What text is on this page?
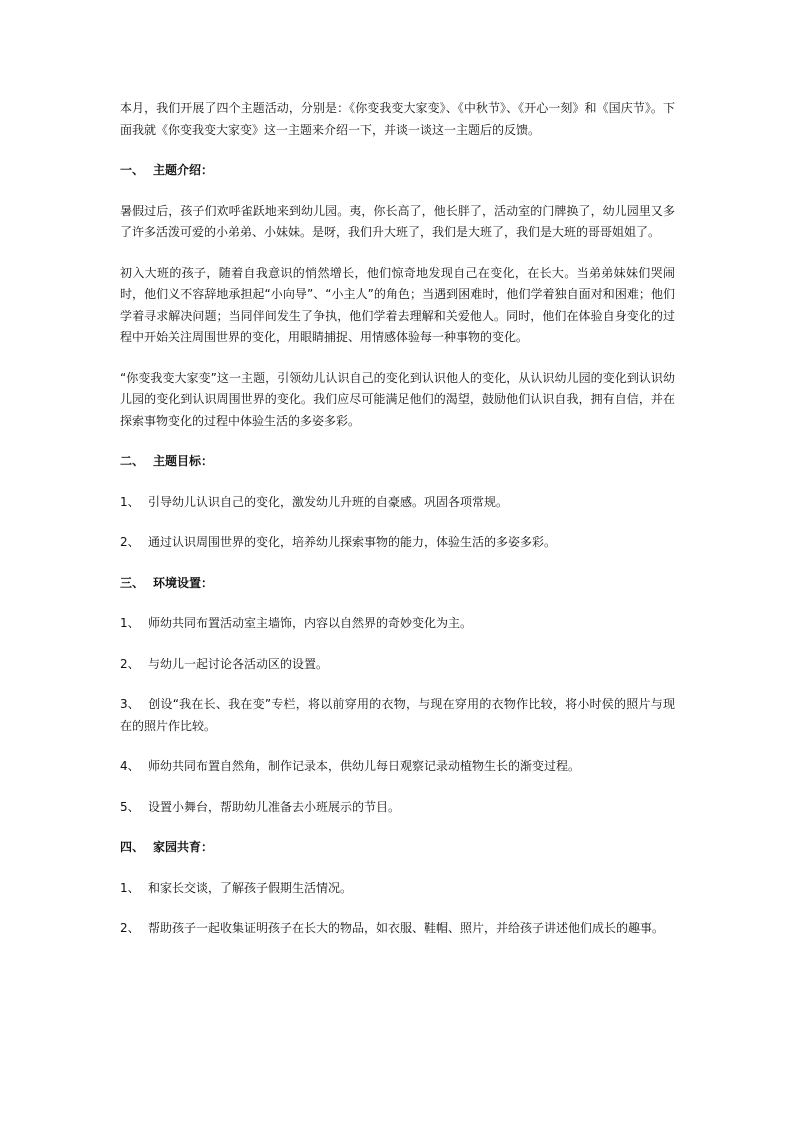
本月，我们开展了四个主题活动，分别是：《你变我变大家变》、《中秋节》、《开心一刻》和《国庆节》。下面我就《你变我变大家变》这一主题来介绍一下，并谈一谈这一主题后的反馈。

一、 主题介绍：

暑假过后，孩子们欢呼雀跃地来到幼儿园。夷，你长高了，他长胖了，活动室的门牌换了，幼儿园里又多了许多活泼可爱的小弟弟、小妹妹。是呀，我们升大班了，我们是大班了，我们是大班的哥哥姐姐了。

初入大班的孩子，随着自我意识的悄然增长，他们惊奇地发现自己在变化，在长大。当弟弟妹妹们哭闹时，他们义不容辞地承担起“小向导”、“小主人”的角色；当遇到困难时，他们学着独自面对和困难；他们学着寻求解决问题；当同伴间发生了争执，他们学着去理解和关爱他人。同时，他们在体验自身变化的过程中开始关注周围世界的变化，用眼睛捕捉、用情感体验每一种事物的变化。

“你变我变大家变”这一主题，引领幼儿认识自己的变化到认识他人的变化，从认识幼儿园的变化到认识幼儿园的变化到认识周围世界的变化。我们应尽可能满足他们的渴望，鼓励他们认识自我，拥有自信，并在探索事物变化的过程中体验生活的多姿多彩。

二、 主题目标：

1、 引导幼儿认识自己的变化，激发幼儿升班的自豪感。巩固各项常规。

2、 通过认识周围世界的变化，培养幼儿探索事物的能力，体验生活的多姿多彩。

三、 环境设置：

1、 师幼共同布置活动室主墙饰，内容以自然界的奇妙变化为主。

2、 与幼儿一起讨论各活动区的设置。

3、 创设“我在长、我在变”专栏，将以前穿用的衣物，与现在穿用的衣物作比较，将小时侯的照片与现在的照片作比较。

4、 师幼共同布置自然角，制作记录本，供幼儿每日观察记录动植物生长的渐变过程。

5、 设置小舞台，帮助幼儿准备去小班展示的节目。

四、 家园共育：

1、 和家长交谈，了解孩子假期生活情况。

2、 帮助孩子一起收集证明孩子在长大的物品，如衣服、鞋帽、照片，并给孩子讲述他们成长的趣事。
